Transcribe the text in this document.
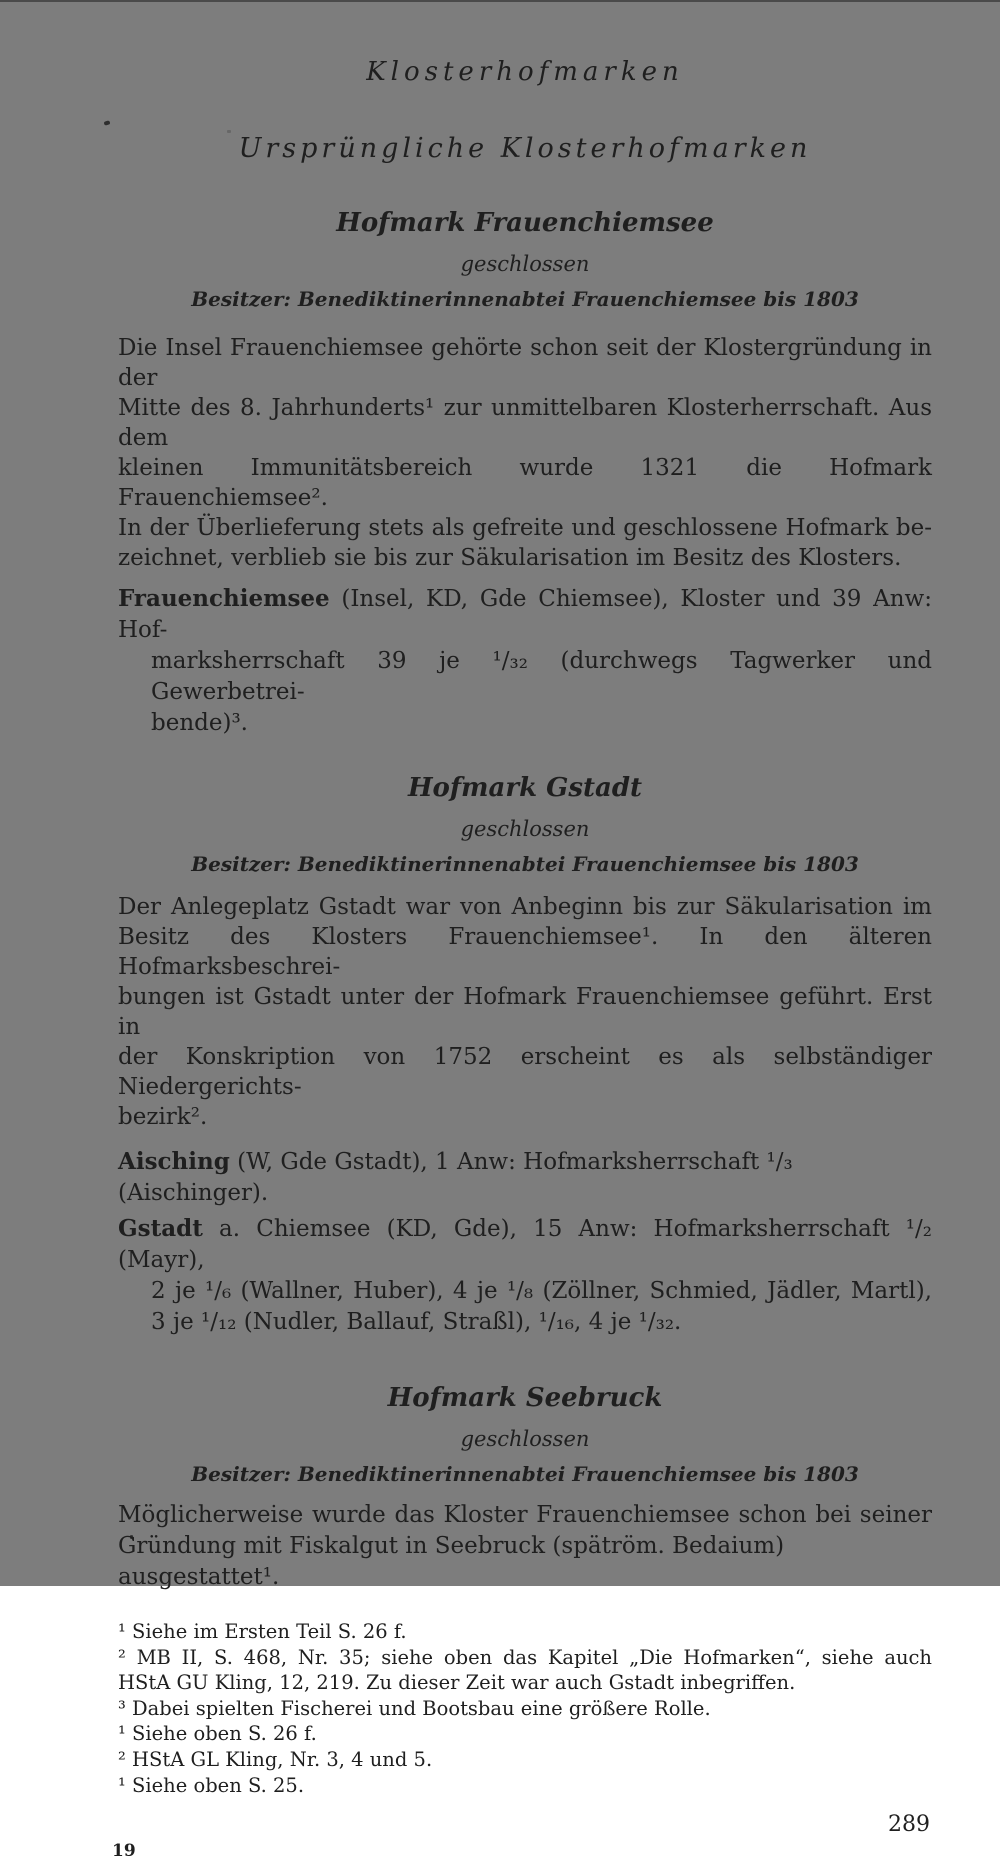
Klosterhofmarken
Ursprüngliche Klosterhofmarken
Hofmark Frauenchiemsee
geschlossen
Besitzer: Benediktinerinnenabtei Frauenchiemsee bis 1803
Die Insel Frauenchiemsee gehörte schon seit der Klostergründung in der
Mitte des 8. Jahrhunderts¹ zur unmittelbaren Klosterherrschaft. Aus dem
kleinen Immunitätsbereich wurde 1321 die Hofmark Frauenchiemsee².
In der Überlieferung stets als gefreite und geschlossene Hofmark be-
zeichnet, verblieb sie bis zur Säkularisation im Besitz des Klosters.
Frauenchiemsee (Insel, KD, Gde Chiemsee), Kloster und 39 Anw: Hof-
marksherrschaft 39 je ¹/₃₂ (durchwegs Tagwerker und Gewerbetrei-
bende)³.
Hofmark Gstadt
geschlossen
Besitzer: Benediktinerinnenabtei Frauenchiemsee bis 1803
Der Anlegeplatz Gstadt war von Anbeginn bis zur Säkularisation im
Besitz des Klosters Frauenchiemsee¹. In den älteren Hofmarksbeschrei-
bungen ist Gstadt unter der Hofmark Frauenchiemsee geführt. Erst in
der Konskription von 1752 erscheint es als selbständiger Niedergerichts-
bezirk².
Aisching (W, Gde Gstadt), 1 Anw: Hofmarksherrschaft ¹/₃ (Aischinger).
Gstadt a. Chiemsee (KD, Gde), 15 Anw: Hofmarksherrschaft ¹/₂ (Mayr),
2 je ¹/₆ (Wallner, Huber), 4 je ¹/₈ (Zöllner, Schmied, Jädler, Martl),
3 je ¹/₁₂ (Nudler, Ballauf, Straßl), ¹/₁₆, 4 je ¹/₃₂.
Hofmark Seebruck
geschlossen
Besitzer: Benediktinerinnenabtei Frauenchiemsee bis 1803
Möglicherweise wurde das Kloster Frauenchiemsee schon bei seiner
Gründung mit Fiskalgut in Seebruck (spätröm. Bedaium) ausgestattet¹.
¹ Siehe im Ersten Teil S. 26 f.
² MB II, S. 468, Nr. 35; siehe oben das Kapitel „Die Hofmarken“, siehe auch
HStA GU Kling, 12, 219. Zu dieser Zeit war auch Gstadt inbegriffen.
³ Dabei spielten Fischerei und Bootsbau eine größere Rolle.
¹ Siehe oben S. 26 f.
² HStA GL Kling, Nr. 3, 4 und 5.
¹ Siehe oben S. 25.
289
19
